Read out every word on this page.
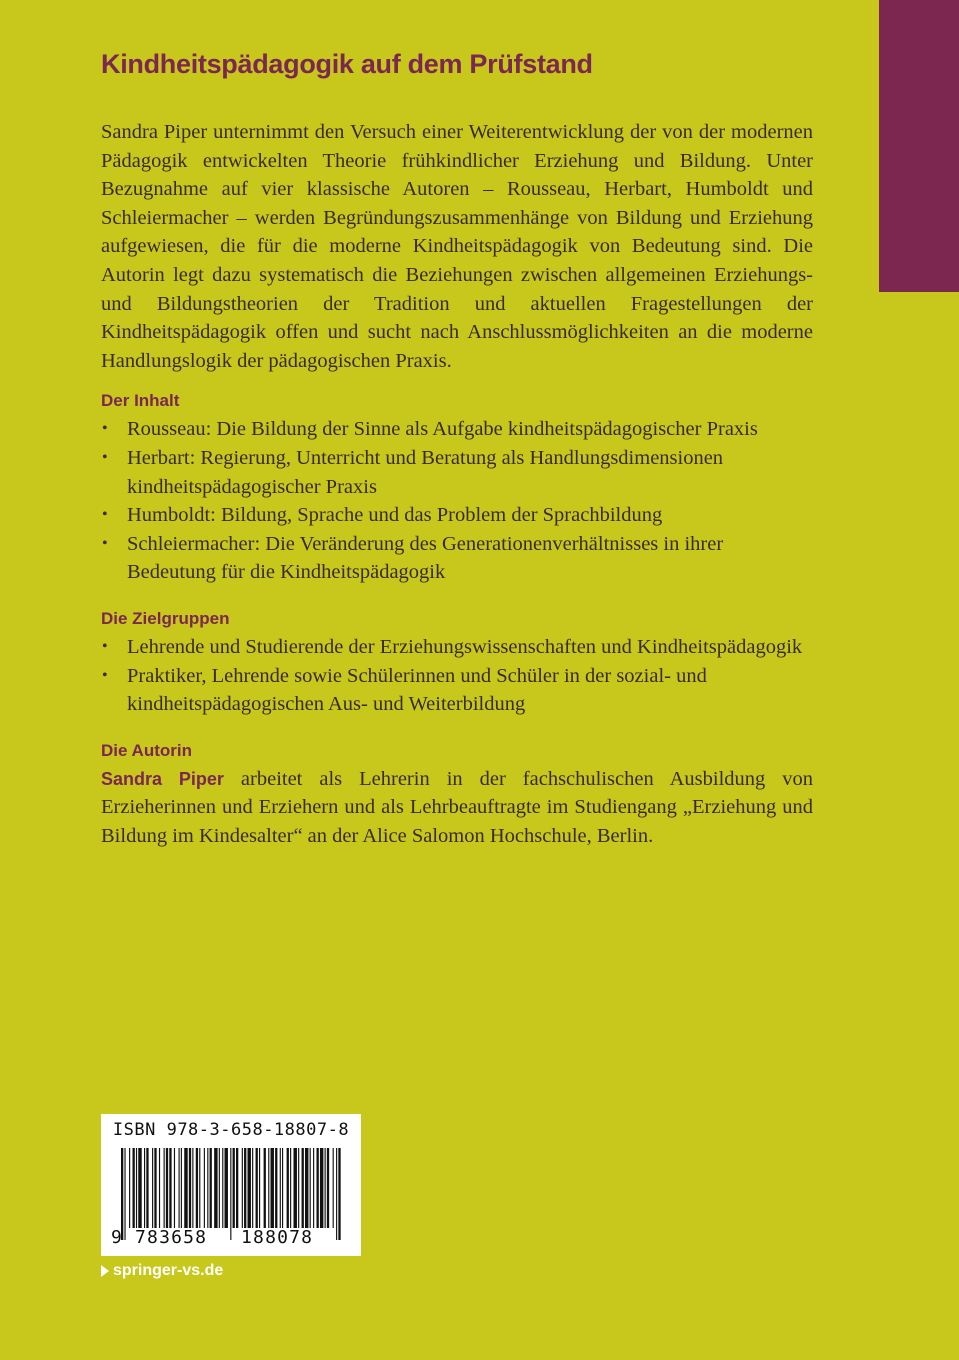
Kindheitspädagogik auf dem Prüfstand

Sandra Piper unternimmt den Versuch einer Weiterentwicklung der von der modernen Pädagogik entwickelten Theorie frühkindlicher Erziehung und Bildung. Unter Bezugnahme auf vier klassische Autoren – Rousseau, Herbart, Humboldt und Schleiermacher – werden Begründungszusammenhänge von Bildung und Erziehung aufgewiesen, die für die moderne Kindheitspädagogik von Bedeutung sind. Die Autorin legt dazu systematisch die Beziehungen zwischen allgemeinen Erziehungs- und Bildungstheorien der Tradition und aktuellen Fragestellungen der Kindheitspädagogik offen und sucht nach Anschlussmöglichkeiten an die moderne Handlungslogik der pädagogischen Praxis.

Der Inhalt
• Rousseau: Die Bildung der Sinne als Aufgabe kindheitspädagogischer Praxis
• Herbart: Regierung, Unterricht und Beratung als Handlungsdimensionen kindheitspädagogischer Praxis
• Humboldt: Bildung, Sprache und das Problem der Sprachbildung
• Schleiermacher: Die Veränderung des Generationenverhältnisses in ihrer Bedeutung für die Kindheitspädagogik
Die Zielgruppen
• Lehrende und Studierende der Erziehungswissenschaften und Kindheitspädagogik
• Praktiker, Lehrende sowie Schülerinnen und Schüler in der sozial- und kindheitspädagogischen Aus- und Weiterbildung
Die Autorin

Sandra Piper arbeitet als Lehrerin in der fachschulischen Ausbildung von Erzieherinnen und Erziehern und als Lehrbeauftragte im Studiengang „Erziehung und Bildung im Kindesalter“ an der Alice Salomon Hochschule, Berlin.

ISBN 978-3-658-18807-8
9 783658 188078
springer-vs.de
